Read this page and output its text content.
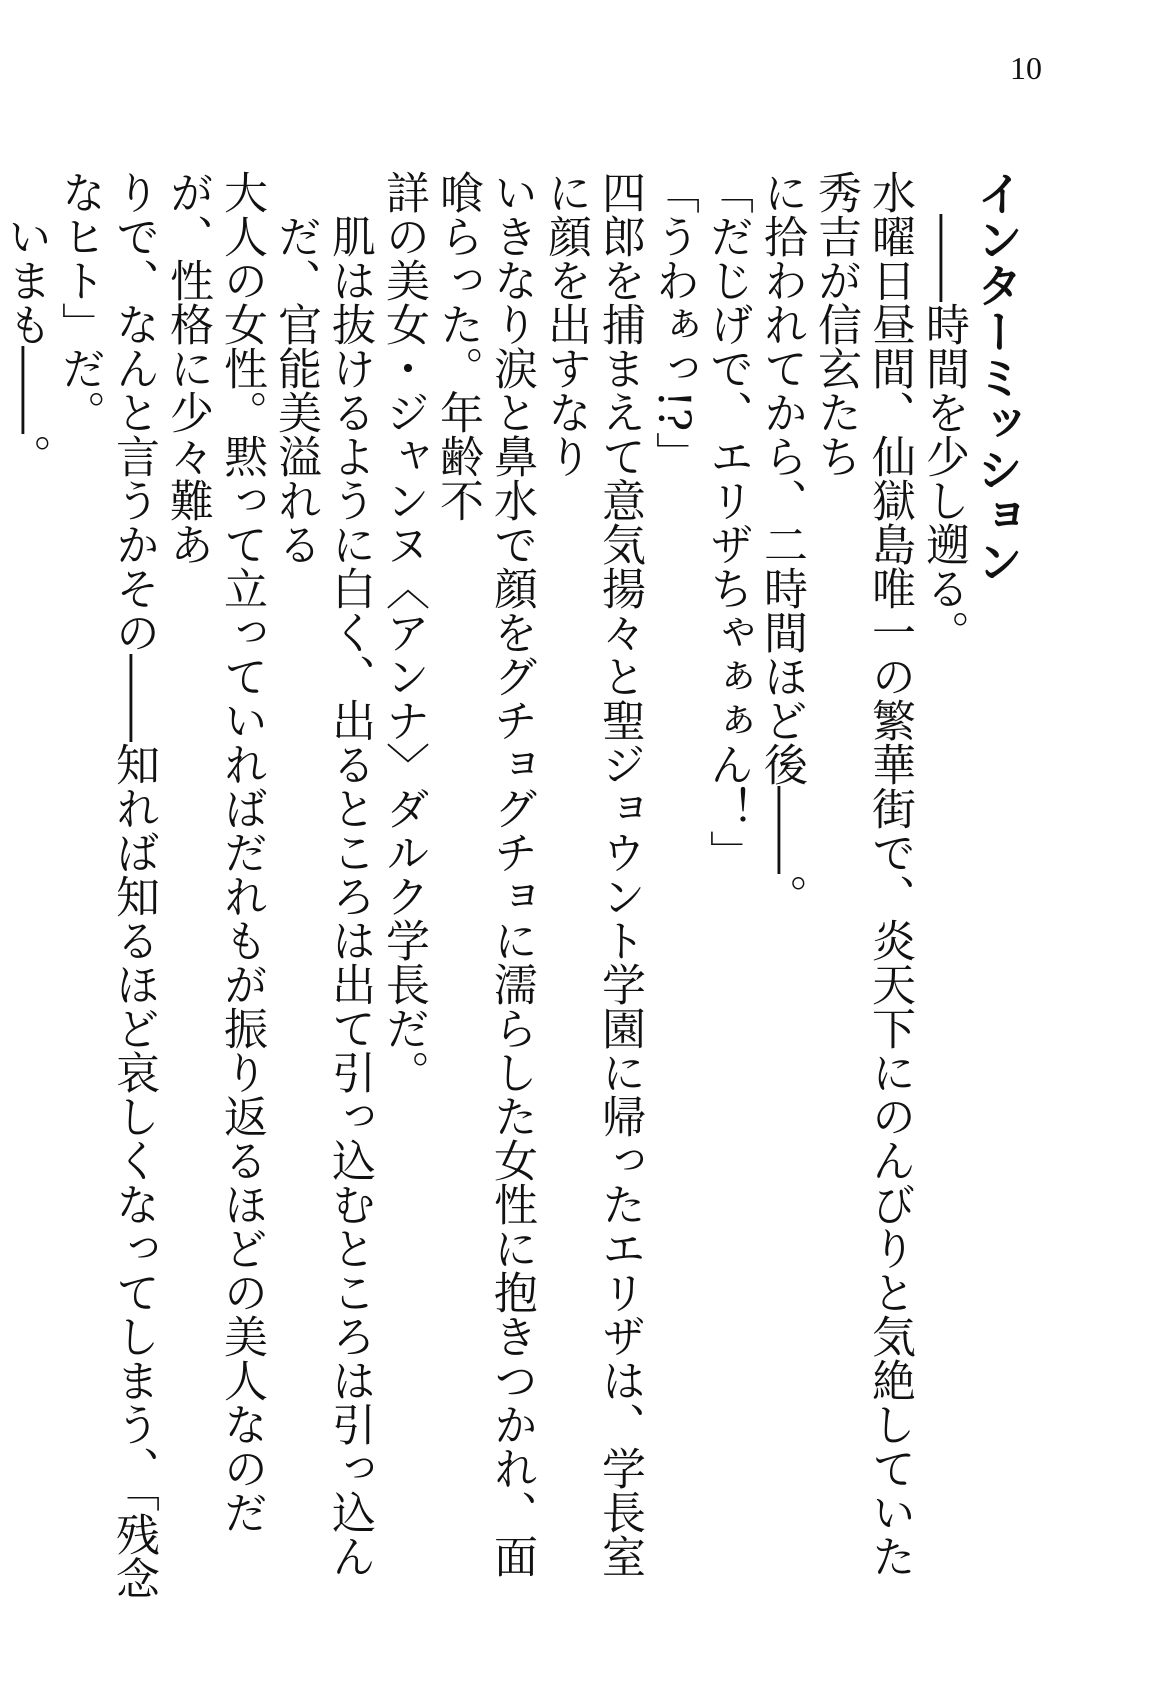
10
インターミッション
――時間を少し遡る。
水曜日昼間、仙獄島唯一の繁華街で、炎天下にのんびりと気絶していた秀吉が信玄たち
に拾われてから、二時間ほど後――。
「だじげで、エリザちゃぁぁん！」
「うわぁっ!?」
四郎を捕まえて意気揚々と聖ジョウント学園に帰ったエリザは、学長室に顔を出すなり
いきなり涙と鼻水で顔をグチョグチョに濡らした女性に抱きつかれ、面喰らった。年齢不
詳の美女・ジャンヌ〈アンナ〉ダルク学長だ。
肌は抜けるように白く、出るところは出て引っ込むところは引っ込んだ、官能美溢れる
大人の女性。黙って立っていればだれもが振り返るほどの美人なのだが、性格に少々難あ
りで、なんと言うかその――知れば知るほど哀しくなってしまう、「残念なヒト」だ。
いまも――。
